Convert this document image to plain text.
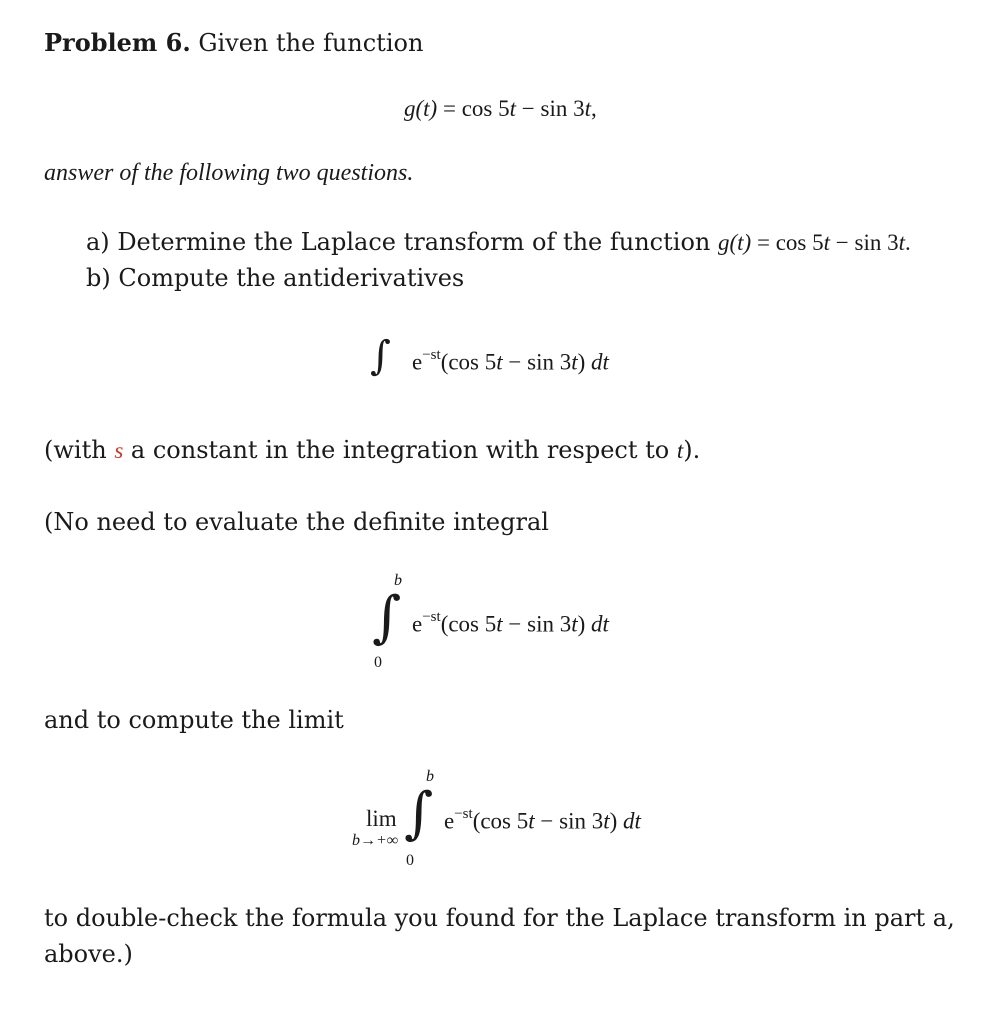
Problem 6. Given the function
g(t) = cos 5t − sin 3t,
answer of the following two questions.
a) Determine the Laplace transform of the function g(t) = cos 5t − sin 3t.
b) Compute the antiderivatives
∫ $e^{-st}(\cos$ 5t − sin 3t) dt
(with s a constant in the integration with respect to t).
(No need to evaluate the definite integral
b
∫
0
$e^{-st}(\cos$ 5t − sin 3t) dt
and to compute the limit
lim
b→+∞
b
∫
0
$e^{-st}(\cos$ 5t − sin 3t) dt
to double-check the formula you found for the Laplace transform in part a,
above.)
